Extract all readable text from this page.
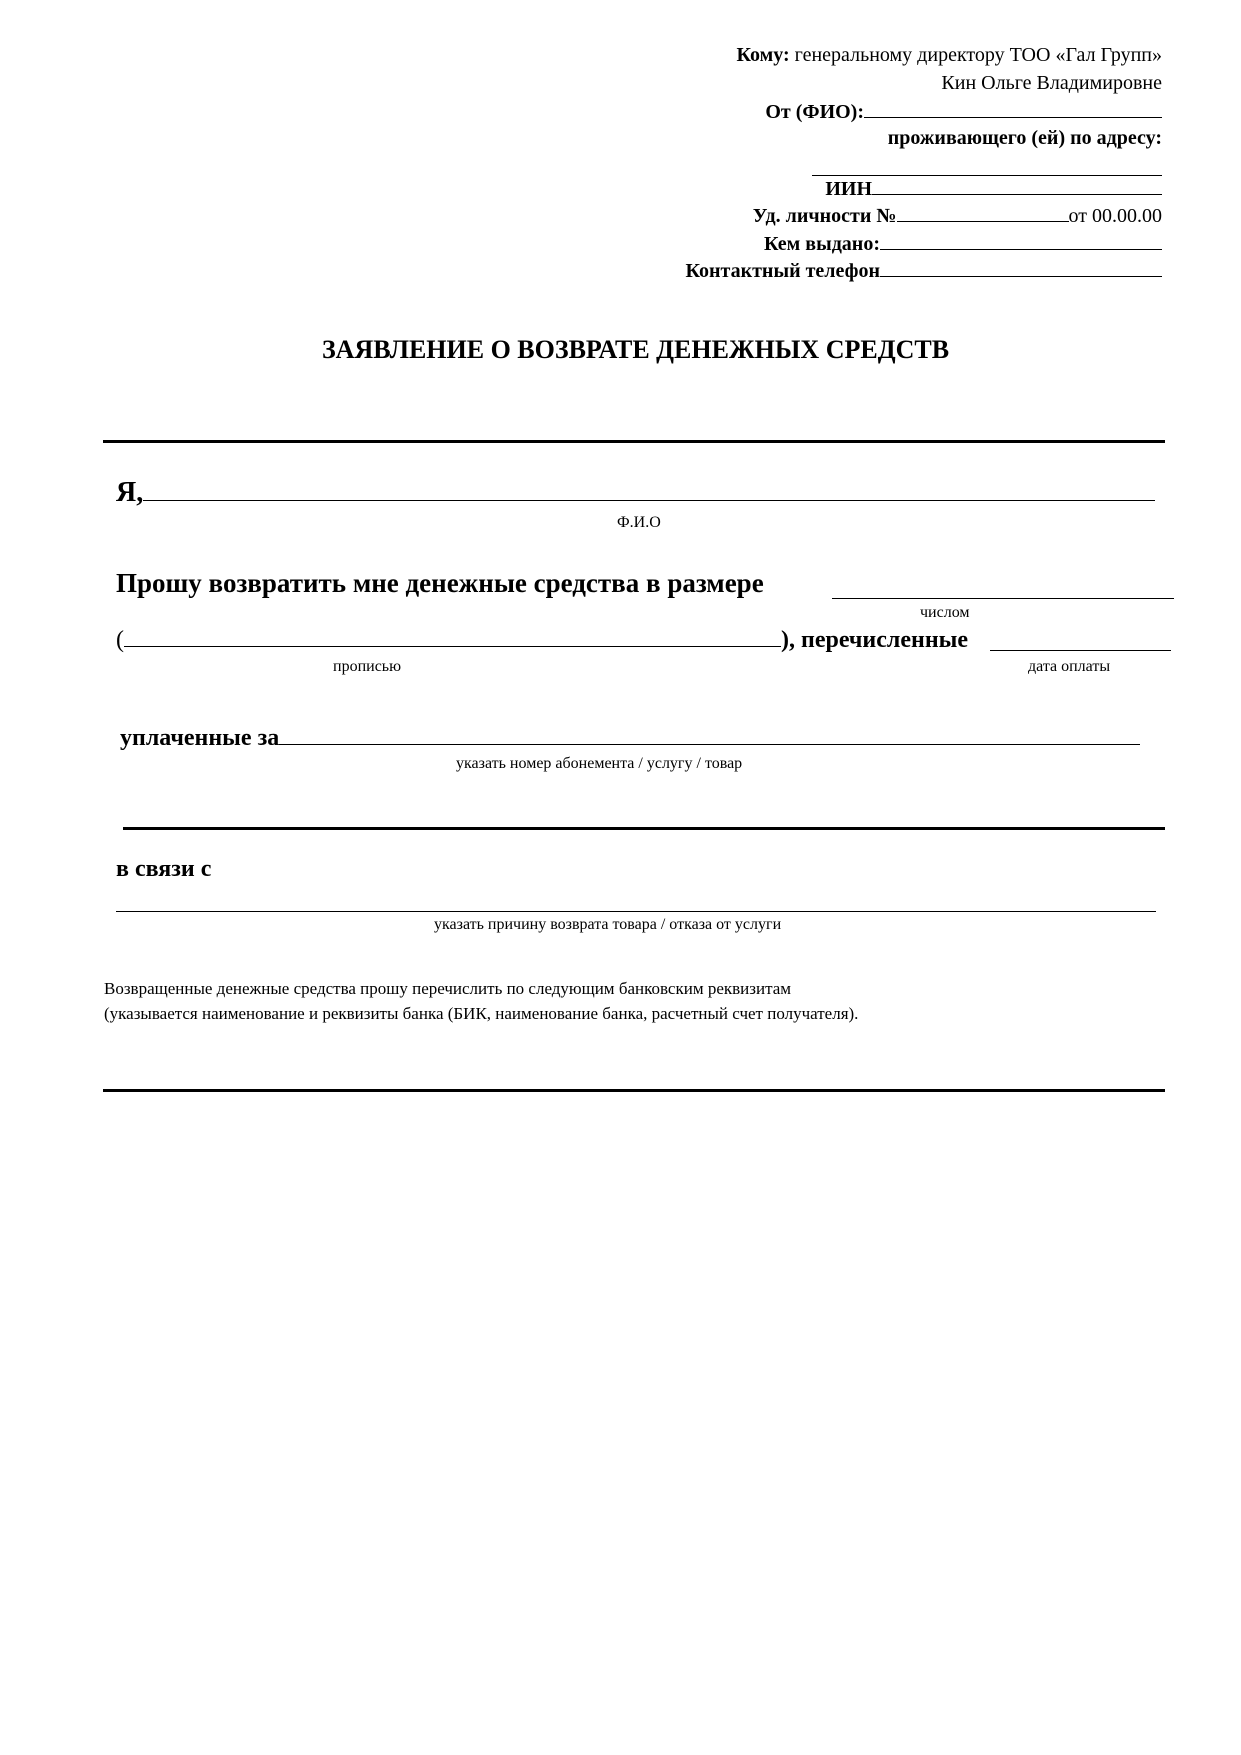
Кому: генеральному директору ТОО «Гал Групп»
Кин Ольге Владимировне
От (ФИО):
проживающего (ей) по адресу:
ИИН
Уд. личности №	от 00.00.00
Кем выдано:
Контактный телефон
ЗАЯВЛЕНИЕ О ВОЗВРАТЕ ДЕНЕЖНЫХ СРЕДСТВ
Я,
Ф.И.О
Прошу возвратить мне денежные средства в размере
числом
(	), перечисленные
прописью	дата оплаты
уплаченные за
указать номер абонемента / услугу / товар
в связи с
указать причину возврата товара / отказа от услуги
Возвращенные денежные средства прошу перечислить по следующим банковским реквизитам
(указывается наименование и реквизиты банка (БИК, наименование банка, расчетный счет получателя).
